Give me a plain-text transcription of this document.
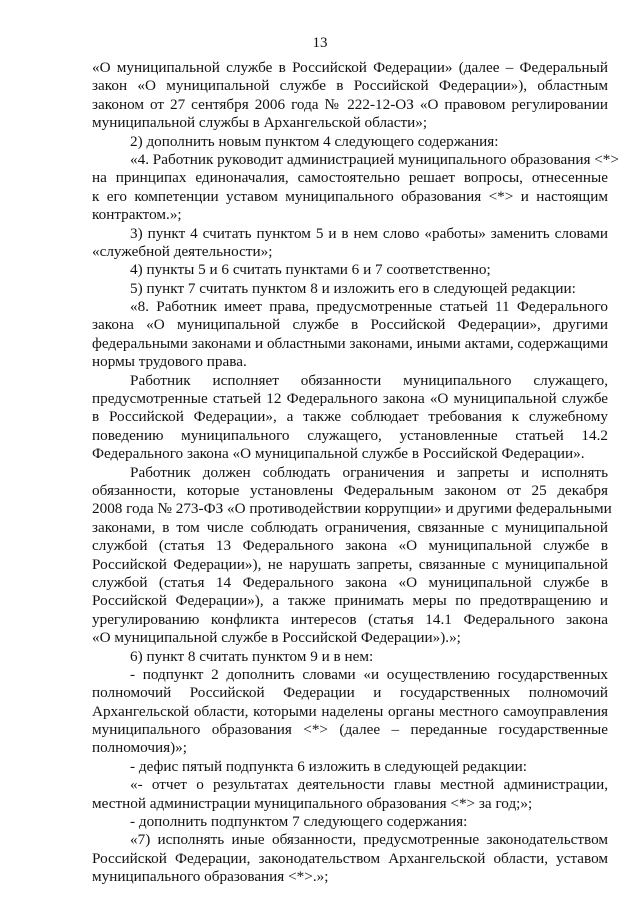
13
«О муниципальной службе в Российской Федерации» (далее – Федеральный
закон «О муниципальной службе в Российской Федерации»), областным
законом от 27 сентября 2006 года № 222-12-ОЗ «О правовом регулировании
муниципальной службы в Архангельской области»;
2) дополнить новым пунктом 4 следующего содержания:
«4. Работник руководит администрацией муниципального образования <*>
на принципах единоначалия, самостоятельно решает вопросы, отнесенные
к его компетенции уставом муниципального образования <*> и настоящим
контрактом.»;
3) пункт 4 считать пунктом 5 и в нем слово «работы» заменить словами
«служебной деятельности»;
4) пункты 5 и 6 считать пунктами 6 и 7 соответственно;
5) пункт 7 считать пунктом 8 и изложить его в следующей редакции:
«8. Работник имеет права, предусмотренные статьей 11 Федерального
закона «О муниципальной службе в Российской Федерации», другими
федеральными законами и областными законами, иными актами, содержащими
нормы трудового права.
Работник исполняет обязанности муниципального служащего,
предусмотренные статьей 12 Федерального закона «О муниципальной службе
в Российской Федерации», а также соблюдает требования к служебному
поведению муниципального служащего, установленные статьей 14.2
Федерального закона «О муниципальной службе в Российской Федерации».
Работник должен соблюдать ограничения и запреты и исполнять
обязанности, которые установлены Федеральным законом от 25 декабря
2008 года № 273-ФЗ «О противодействии коррупции» и другими федеральными
законами, в том числе соблюдать ограничения, связанные с муниципальной
службой (статья 13 Федерального закона «О муниципальной службе в
Российской Федерации»), не нарушать запреты, связанные с муниципальной
службой (статья 14 Федерального закона «О муниципальной службе в
Российской Федерации»), а также принимать меры по предотвращению и
урегулированию конфликта интересов (статья 14.1 Федерального закона
«О муниципальной службе в Российской Федерации»).»;
6) пункт 8 считать пунктом 9 и в нем:
- подпункт 2 дополнить словами «и осуществлению государственных
полномочий Российской Федерации и государственных полномочий
Архангельской области, которыми наделены органы местного самоуправления
муниципального образования <*> (далее – переданные государственные
полномочия)»;
- дефис пятый подпункта 6 изложить в следующей редакции:
«- отчет о результатах деятельности главы местной администрации,
местной администрации муниципального образования <*> за год;»;
- дополнить подпунктом 7 следующего содержания:
«7) исполнять иные обязанности, предусмотренные законодательством
Российской Федерации, законодательством Архангельской области, уставом
муниципального образования <*>.»;
